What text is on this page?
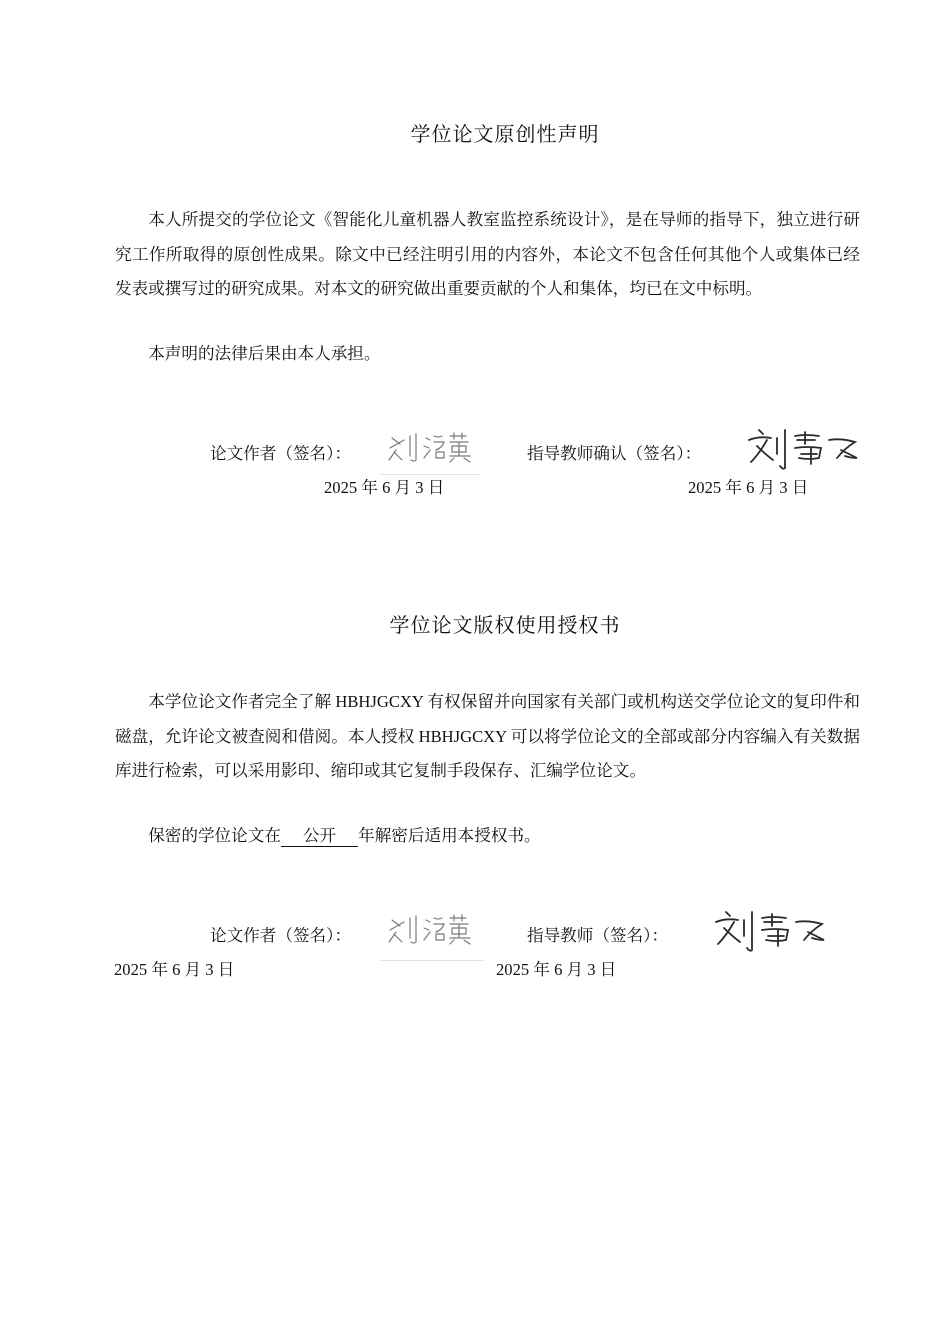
学位论文原创性声明

本人所提交的学位论文《智能化儿童机器人教室监控系统设计》，是在导师的指导下，独立进行研究工作所取得的原创性成果。除文中已经注明引用的内容外，本论文不包含任何其他个人或集体已经发表或撰写过的研究成果。对本文的研究做出重要贡献的个人和集体，均已在文中标明。

本声明的法律后果由本人承担。

论文作者（签名）：	指导教师确认（签名）：
2025 年 6 月 3 日	2025 年 6 月 3 日
学位论文版权使用授权书

本学位论文作者完全了解 HBHJGCXY 有权保留并向国家有关部门或机构送交学位论文的复印件和磁盘，允许论文被查阅和借阅。本人授权 HBHJGCXY 可以将学位论文的全部或部分内容编入有关数据库进行检索，可以采用影印、缩印或其它复制手段保存、汇编学位论文。

保密的学位论文在 公开 年解密后适用本授权书。

论文作者（签名）：	指导教师（签名）：
2025 年 6 月 3 日	2025 年 6 月 3 日
